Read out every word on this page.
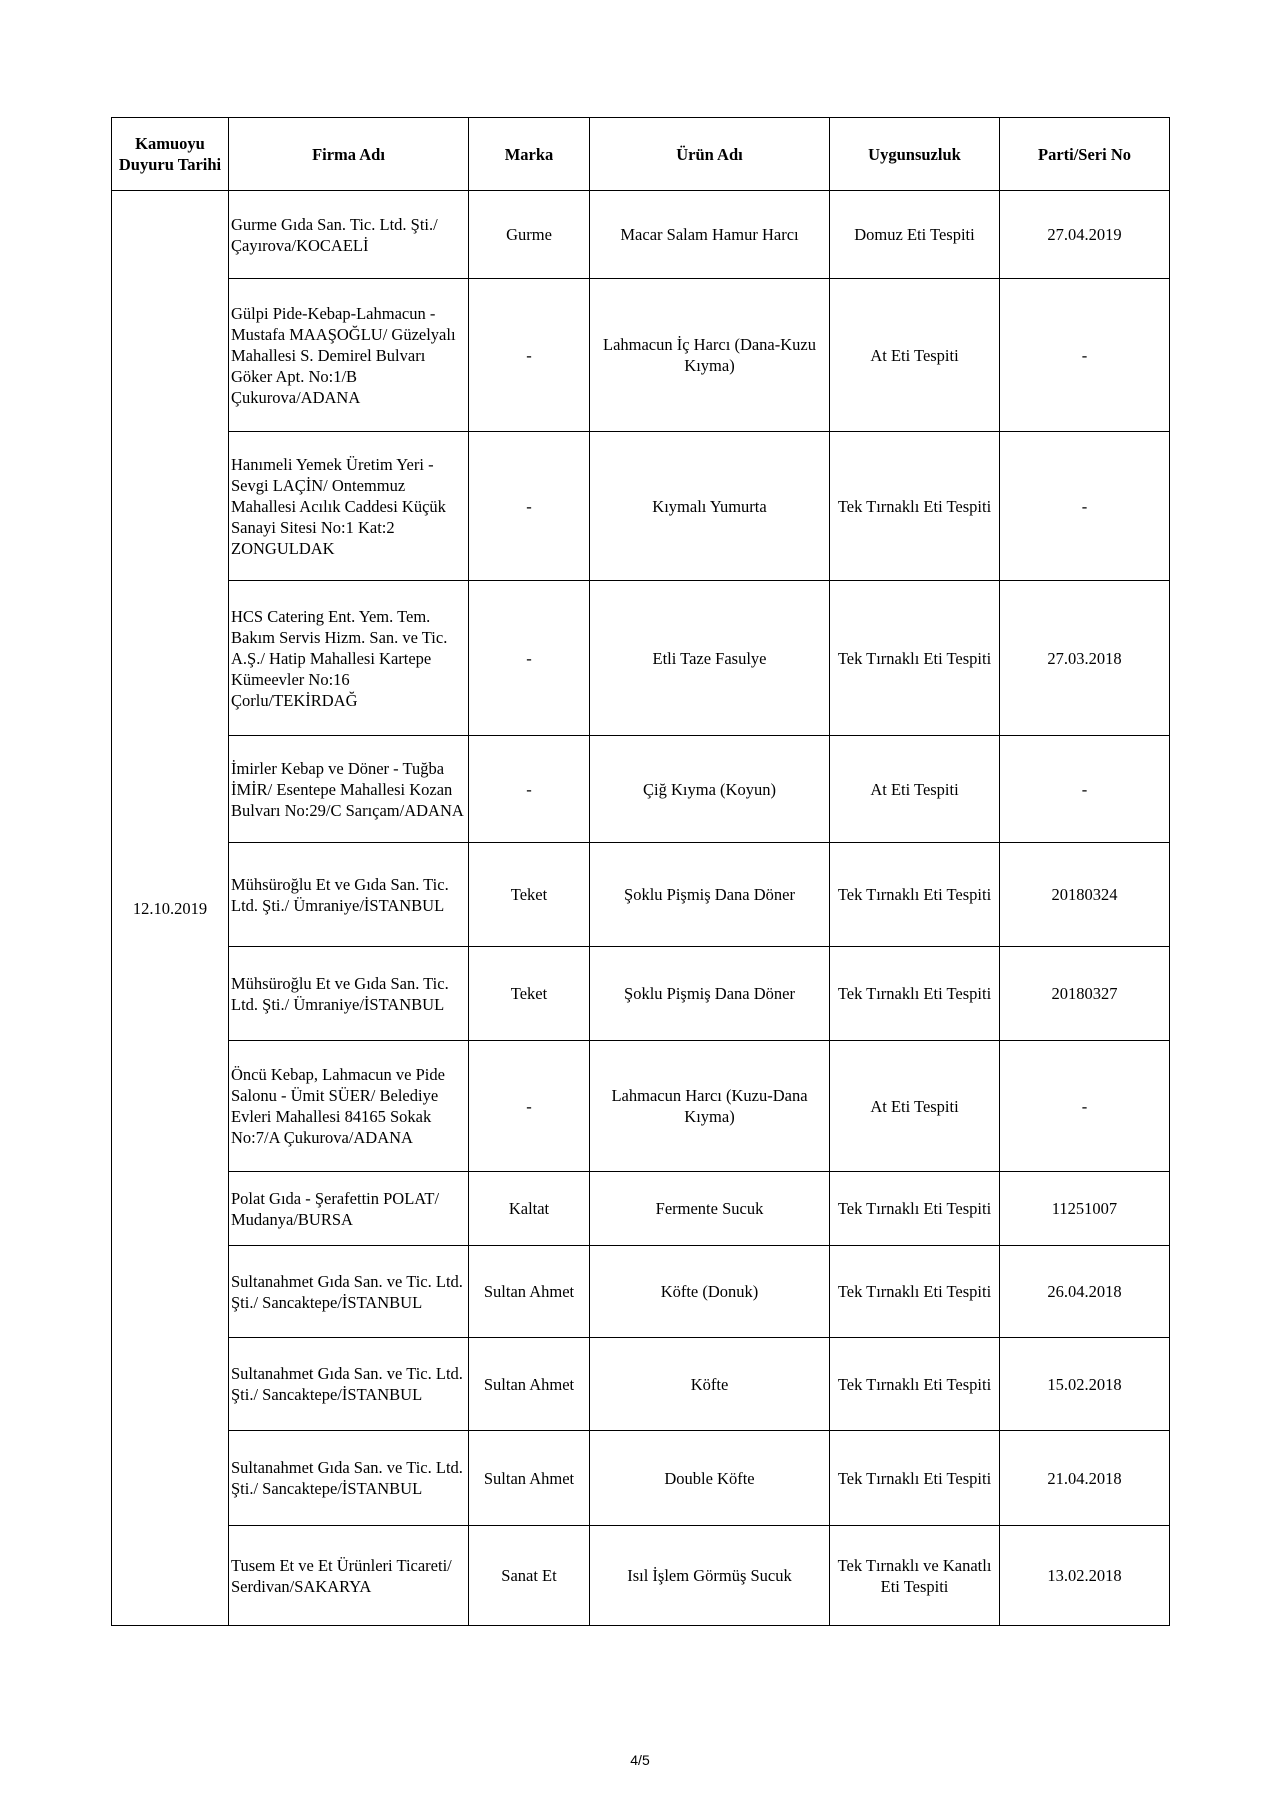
Kamuoyu Duyuru Tarihi	Firma Adı	Marka	Ürün Adı	Uygunsuzluk	Parti/Seri No
12.10.2019	Gurme Gıda San. Tic. Ltd. Şti./ Çayırova/KOCAELİ	Gurme	Macar Salam Hamur Harcı	Domuz Eti Tespiti	27.04.2019
	Gülpi Pide-Kebap-Lahmacun - Mustafa MAAŞOĞLU/ Güzelyalı Mahallesi S. Demirel Bulvarı Göker Apt. No:1/B Çukurova/ADANA	-	Lahmacun İç Harcı (Dana-Kuzu Kıyma)	At Eti Tespiti	-
	Hanımeli Yemek Üretim Yeri - Sevgi LAÇİN/ Ontemmuz Mahallesi Acılık Caddesi Küçük Sanayi Sitesi No:1 Kat:2 ZONGULDAK	-	Kıymalı Yumurta	Tek Tırnaklı Eti Tespiti	-
	HCS Catering Ent. Yem. Tem. Bakım Servis Hizm. San. ve Tic. A.Ş./ Hatip Mahallesi Kartepe Kümeevler No:16 Çorlu/TEKİRDAĞ	-	Etli Taze Fasulye	Tek Tırnaklı Eti Tespiti	27.03.2018
	İmirler Kebap ve Döner - Tuğba İMİR/ Esentepe Mahallesi Kozan Bulvarı No:29/C Sarıçam/ADANA	-	Çiğ Kıyma (Koyun)	At Eti Tespiti	-
	Mühsüroğlu Et ve Gıda San. Tic. Ltd. Şti./ Ümraniye/İSTANBUL	Teket	Şoklu Pişmiş Dana Döner	Tek Tırnaklı Eti Tespiti	20180324
	Mühsüroğlu Et ve Gıda San. Tic. Ltd. Şti./ Ümraniye/İSTANBUL	Teket	Şoklu Pişmiş Dana Döner	Tek Tırnaklı Eti Tespiti	20180327
	Öncü Kebap, Lahmacun ve Pide Salonu - Ümit SÜER/ Belediye Evleri Mahallesi 84165 Sokak No:7/A Çukurova/ADANA	-	Lahmacun Harcı (Kuzu-Dana Kıyma)	At Eti Tespiti	-
	Polat Gıda - Şerafettin POLAT/ Mudanya/BURSA	Kaltat	Fermente Sucuk	Tek Tırnaklı Eti Tespiti	11251007
	Sultanahmet Gıda San. ve Tic. Ltd. Şti./ Sancaktepe/İSTANBUL	Sultan Ahmet	Köfte (Donuk)	Tek Tırnaklı Eti Tespiti	26.04.2018
	Sultanahmet Gıda San. ve Tic. Ltd. Şti./ Sancaktepe/İSTANBUL	Sultan Ahmet	Köfte	Tek Tırnaklı Eti Tespiti	15.02.2018
	Sultanahmet Gıda San. ve Tic. Ltd. Şti./ Sancaktepe/İSTANBUL	Sultan Ahmet	Double Köfte	Tek Tırnaklı Eti Tespiti	21.04.2018
	Tusem Et ve Et Ürünleri Ticareti/ Serdivan/SAKARYA	Sanat Et	Isıl İşlem Görmüş Sucuk	Tek Tırnaklı ve Kanatlı Eti Tespiti	13.02.2018
4/5
